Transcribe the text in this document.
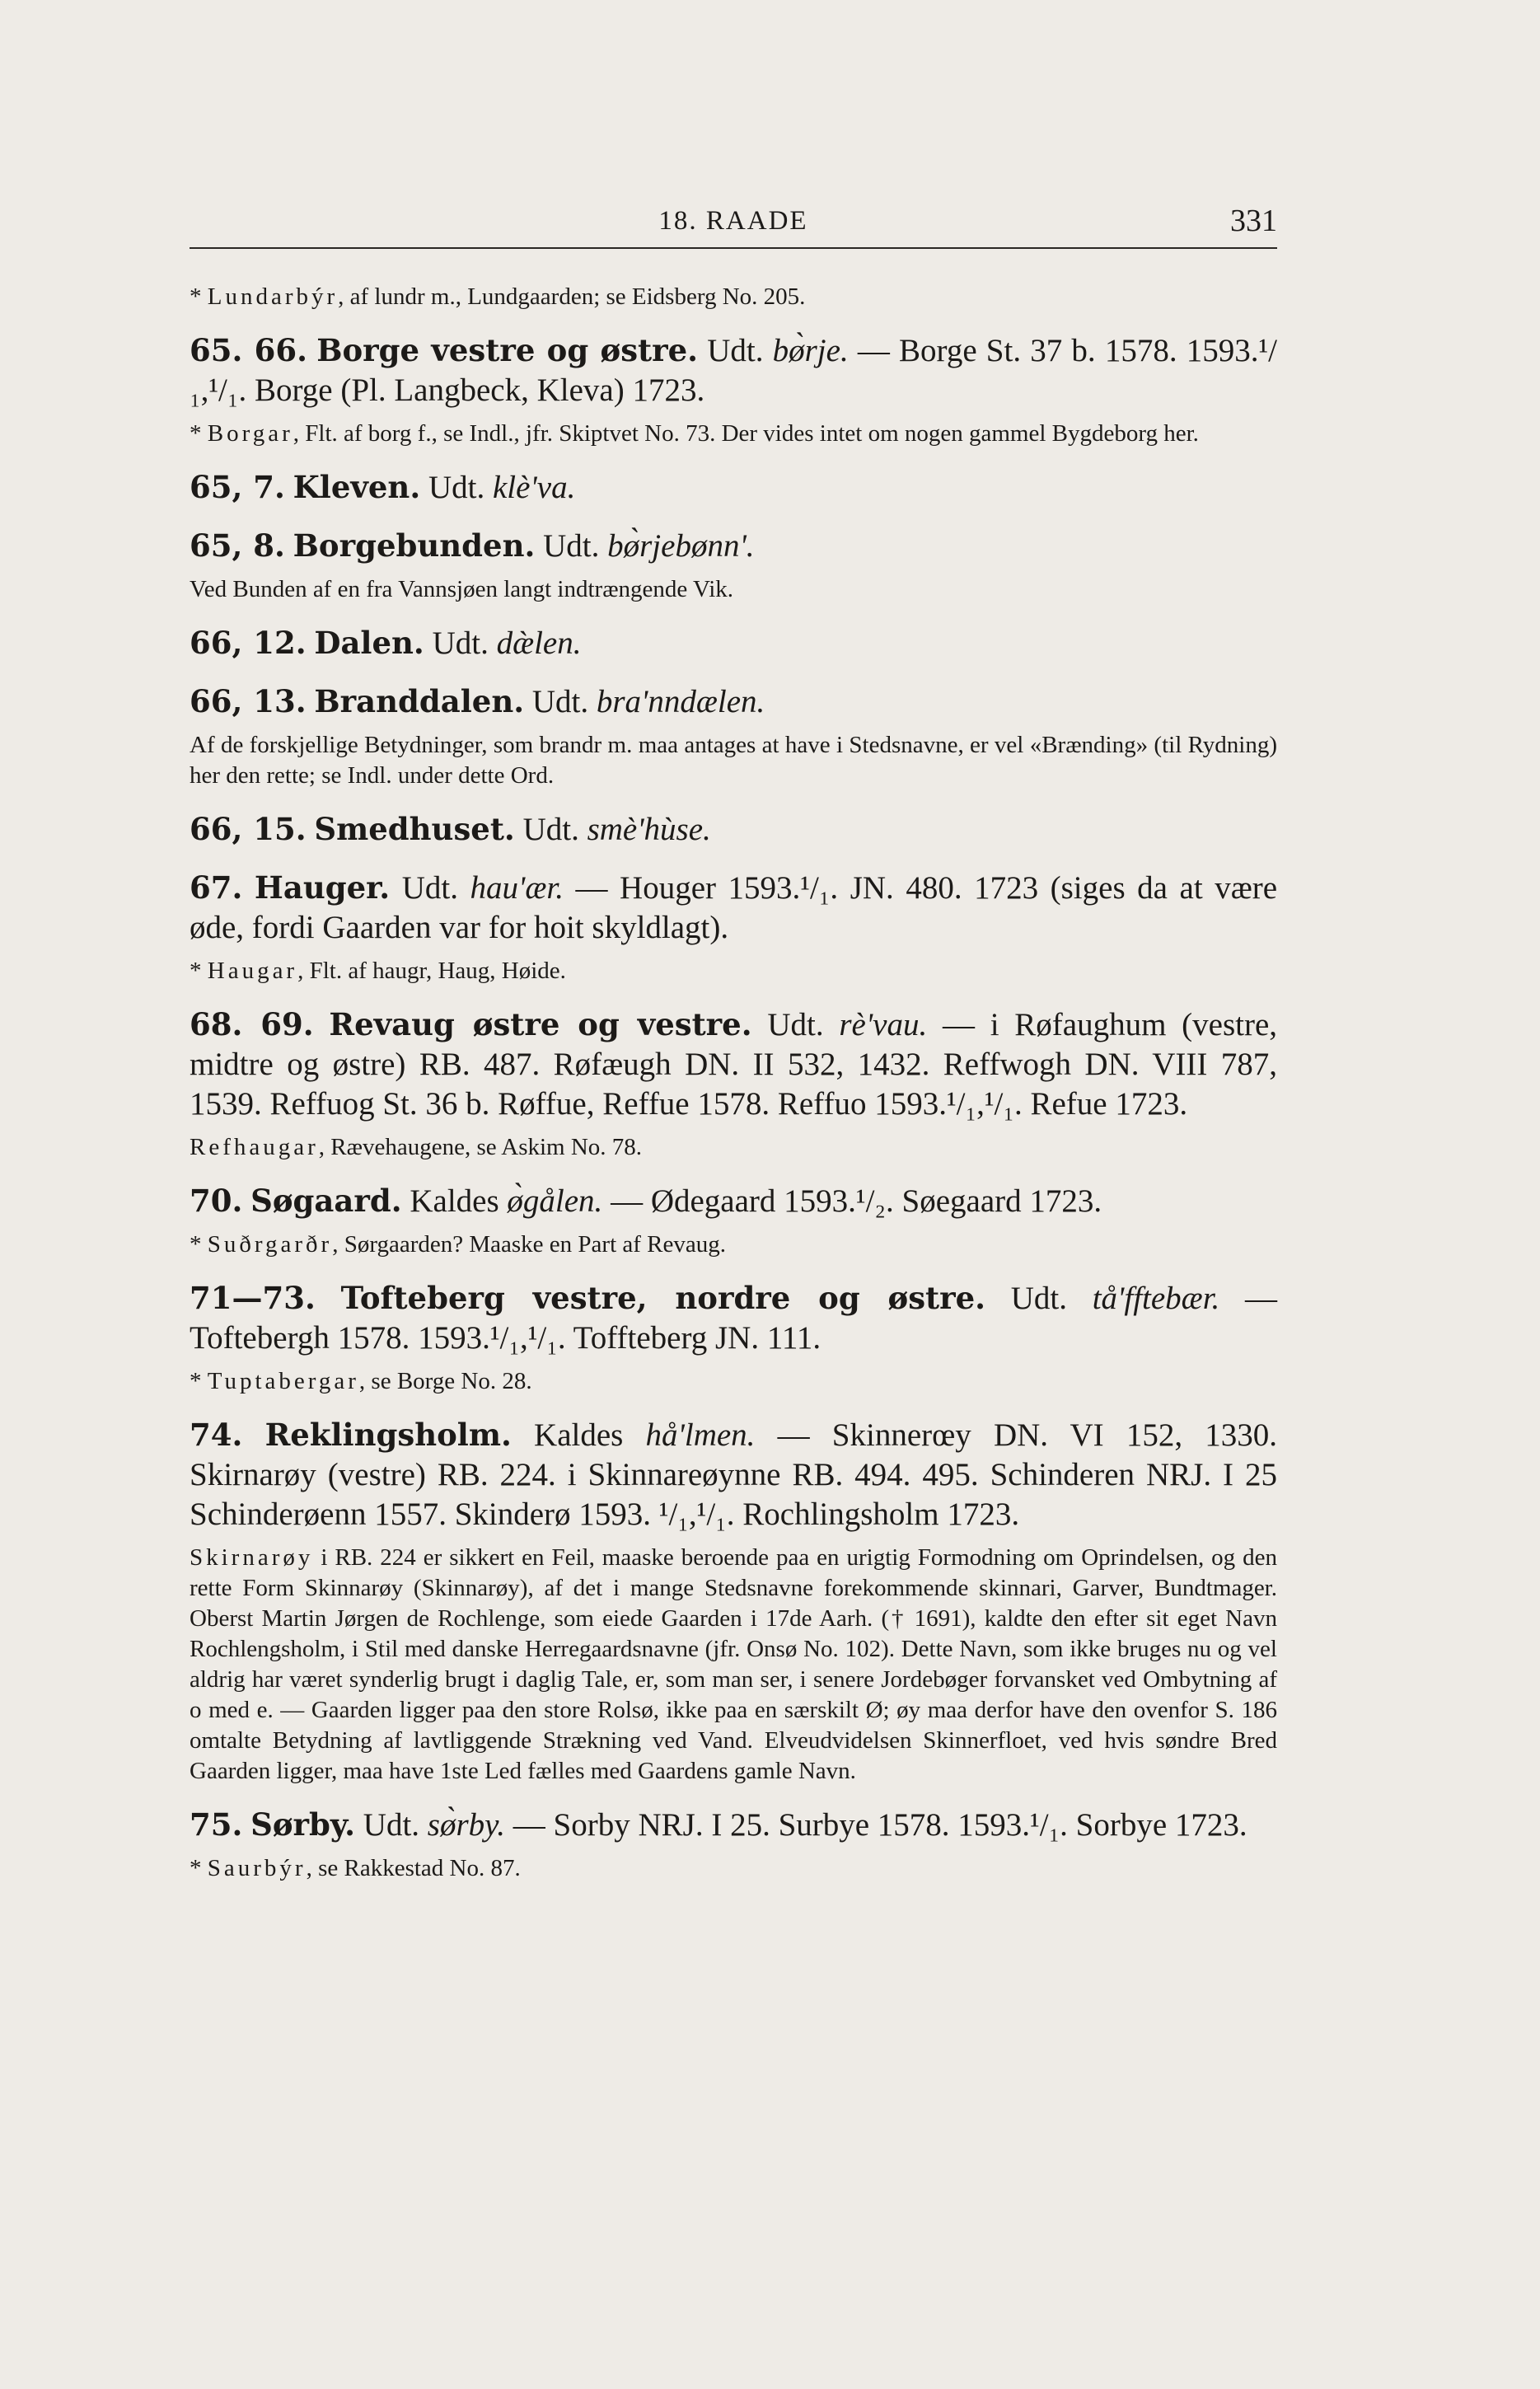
18. RAADE	331

* Lundarbýr, af lundr m., Lundgaarden; se Eidsberg No. 205.

65. 66. Borge vestre og østre. Udt. bø̀rje. — Borge St. 37 b. 1578. 1593.¹/₁,¹/₁. Borge (Pl. Langbeck, Kleva) 1723.

* Borgar, Flt. af borg f., se Indl., jfr. Skiptvet No. 73. Der vides intet om nogen gammel Bygdeborg her.

65, 7. Kleven. Udt. klè'va.

65, 8. Borgebunden. Udt. bø̀rjebønn'.

Ved Bunden af en fra Vannsjøen langt indtrængende Vik.

66, 12. Dalen. Udt. dæ̀len.

66, 13. Branddalen. Udt. bra'nndælen.

Af de forskjellige Betydninger, som brandr m. maa antages at have i Stedsnavne, er vel «Brænding» (til Rydning) her den rette; se Indl. under dette Ord.

66, 15. Smedhuset. Udt. smè'hùse.

67. Hauger. Udt. hau'ær. — Houger 1593.¹/₁. JN. 480. 1723 (siges da at være øde, fordi Gaarden var for hoit skyldlagt).

* Haugar, Flt. af haugr, Haug, Høide.

68. 69. Revaug østre og vestre. Udt. rè'vau. — i Røfaughum (vestre, midtre og østre) RB. 487. Røfæugh DN. II 532, 1432. Reffwogh DN. VIII 787, 1539. Reffuog St. 36 b. Røffue, Reffue 1578. Reffuo 1593.¹/₁,¹/₁. Refue 1723.

Refhaugar, Rævehaugene, se Askim No. 78.

70. Søgaard. Kaldes ø̀gålen. — Ødegaard 1593.¹/₂. Søegaard 1723.

* Suðrgarðr, Sørgaarden? Maaske en Part af Revaug.

71—73. Tofteberg vestre, nordre og østre. Udt. tå'fftebær. — Toftebergh 1578. 1593.¹/₁,¹/₁. Toffteberg JN. 111.

* Tuptabergar, se Borge No. 28.

74. Reklingsholm. Kaldes hå'lmen. — Skinnerœy DN. VI 152, 1330. Skirnarøy (vestre) RB. 224. i Skinnareøynne RB. 494. 495. Schinderen NRJ. I 25 Schinderøenn 1557. Skinderø 1593. ¹/₁,¹/₁. Rochlingsholm 1723.

Skirnarøy i RB. 224 er sikkert en Feil, maaske beroende paa en urigtig Formodning om Oprindelsen, og den rette Form Skinnarøy (Skinnarøy), af det i mange Stedsnavne forekommende skinnari, Garver, Bundtmager. Oberst Martin Jørgen de Rochlenge, som eiede Gaarden i 17de Aarh. († 1691), kaldte den efter sit eget Navn Rochlengsholm, i Stil med danske Herregaardsnavne (jfr. Onsø No. 102). Dette Navn, som ikke bruges nu og vel aldrig har været synderlig brugt i daglig Tale, er, som man ser, i senere Jordebøger forvansket ved Ombytning af o med e. — Gaarden ligger paa den store Rolsø, ikke paa en særskilt Ø; øy maa derfor have den ovenfor S. 186 omtalte Betydning af lavtliggende Strækning ved Vand. Elveudvidelsen Skinnerfloet, ved hvis søndre Bred Gaarden ligger, maa have 1ste Led fælles med Gaardens gamle Navn.

75. Sørby. Udt. sø̀rby. — Sorby NRJ. I 25. Surbye 1578. 1593.¹/₁. Sorbye 1723.

* Saurbýr, se Rakkestad No. 87.
